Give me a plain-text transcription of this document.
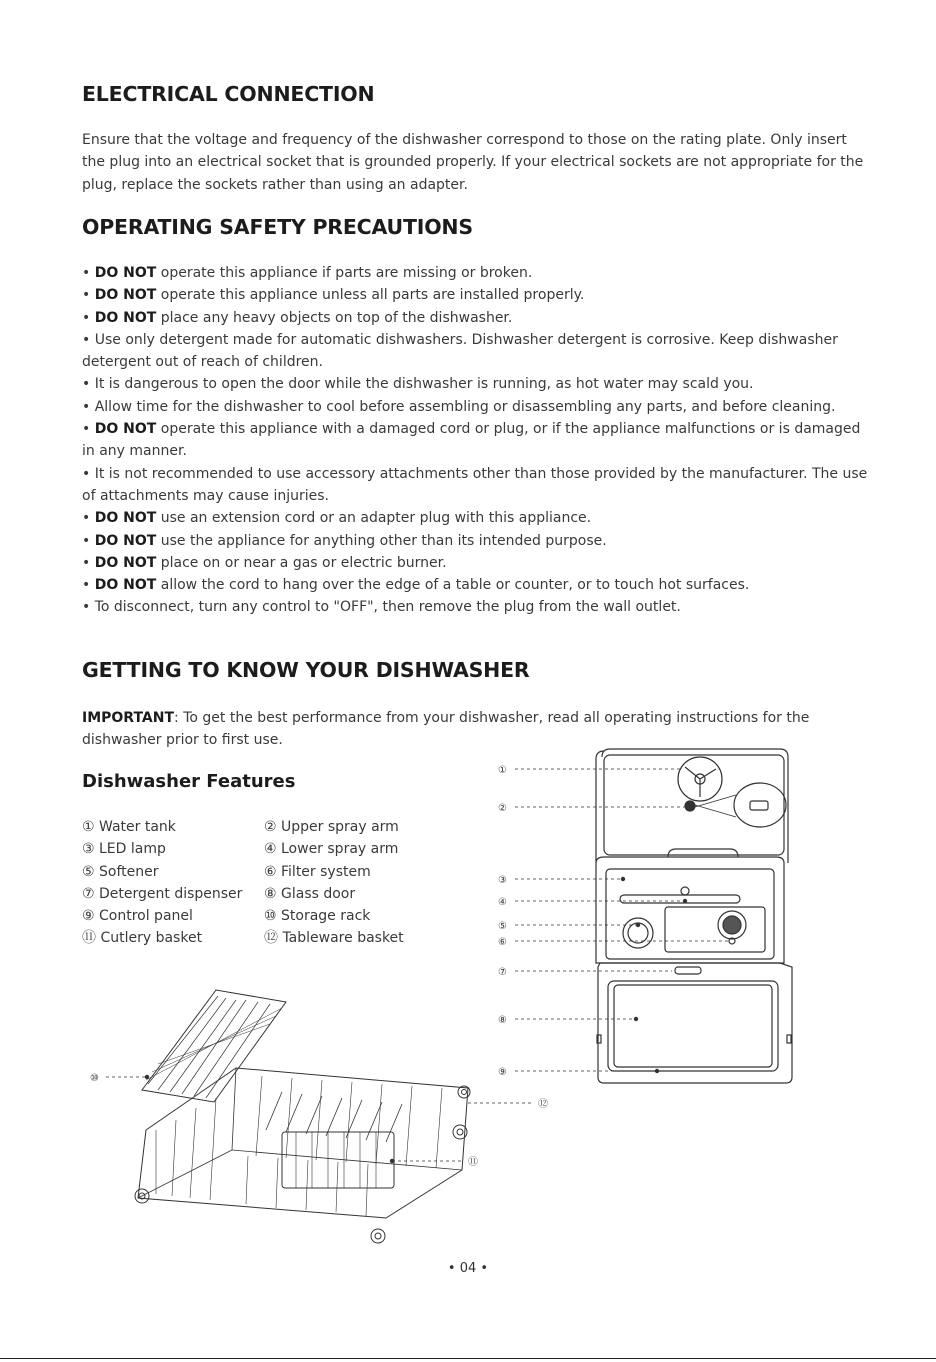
ELECTRICAL CONNECTION

Ensure that the voltage and frequency of the dishwasher correspond to those on the rating plate. Only insert the plug into an electrical socket that is grounded properly. If your electrical sockets are not appropriate for the plug, replace the sockets rather than using an adapter.

OPERATING SAFETY PRECAUTIONS
• DO NOT operate this appliance if parts are missing or broken.
• DO NOT operate this appliance unless all parts are installed properly.
• DO NOT place any heavy objects on top of the dishwasher.
• Use only detergent made for automatic dishwashers. Dishwasher detergent is corrosive. Keep dishwasher detergent out of reach of children.
• It is dangerous to open the door while the dishwasher is running, as hot water may scald you.
• Allow time for the dishwasher to cool before assembling or disassembling any parts, and before cleaning.
• DO NOT operate this appliance with a damaged cord or plug, or if the appliance malfunctions or is damaged in any manner.
• It is not recommended to use accessory attachments other than those provided by the manufacturer. The use of attachments may cause injuries.
• DO NOT use an extension cord or an adapter plug with this appliance.
• DO NOT use the appliance for anything other than its intended purpose.
• DO NOT place on or near a gas or electric burner.
• DO NOT allow the cord to hang over the edge of a table or counter, or to touch hot surfaces.
• To disconnect, turn any control to "OFF", then remove the plug from the wall outlet.
GETTING TO KNOW YOUR DISHWASHER

IMPORTANT: To get the best performance from your dishwasher, read all operating instructions for the dishwasher prior to first use.

Dishwasher Features
① Water tank	② Upper spray arm
③ LED lamp	④ Lower spray arm
⑤ Softener	⑥ Filter system
⑦ Detergent dispenser	⑧ Glass door
⑨ Control panel	⑩ Storage rack
⑪ Cutlery basket	⑫ Tableware basket
①
②
③
④
⑤
⑥
⑦
⑧
⑨
⑩
⑫
⑪
• 04 •
